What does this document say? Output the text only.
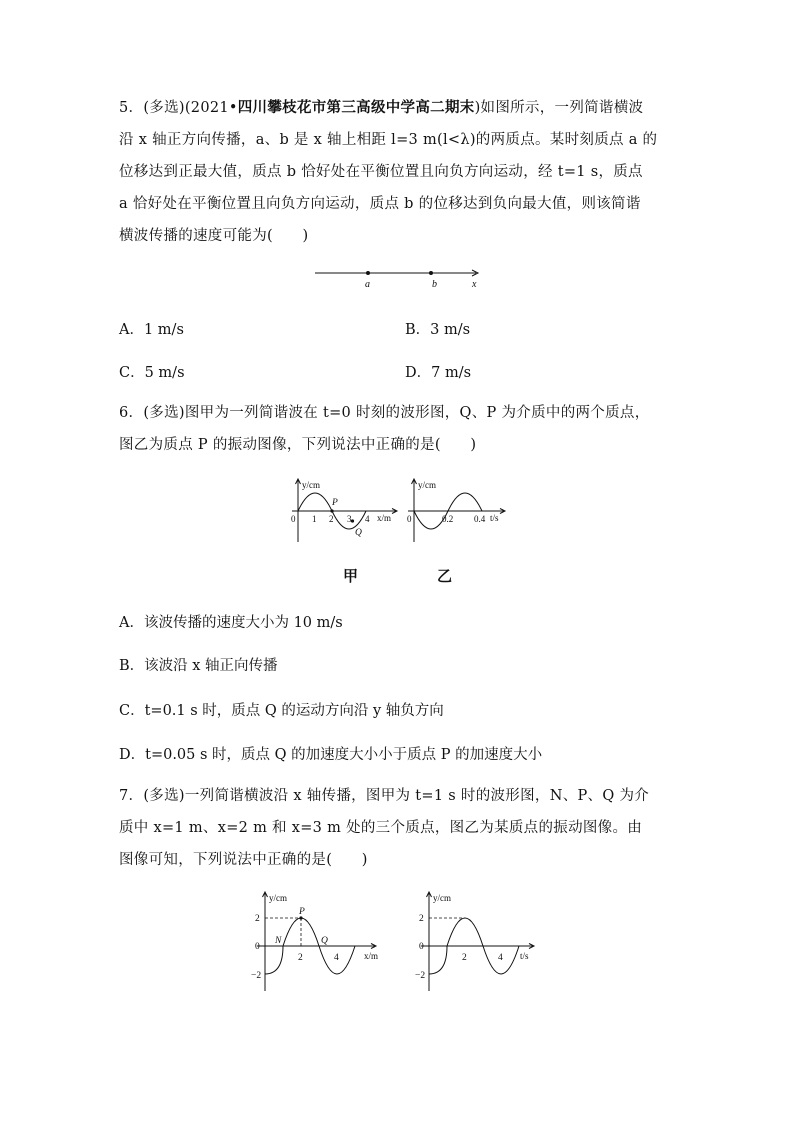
5．(多选)(2021•四川攀枝花市第三高级中学高二期末)如图所示，一列简谐横波
沿 x 轴正方向传播，a、b 是 x 轴上相距 l=3 m(l<λ)的两质点。某时刻质点 a 的
位移达到正最大值，质点 b 恰好处在平衡位置且向负方向运动，经 t=1 s，质点
a 恰好处在平衡位置且向负方向运动，质点 b 的位移达到负向最大值，则该简谐
横波传播的速度可能为(　　)
a	b	x
A．1 m/s	B．3 m/s
C．5 m/s	D．7 m/s
6．(多选)图甲为一列简谐波在 t=0 时刻的波形图，Q、P 为介质中的两个质点，
图乙为质点 P 的振动图像，下列说法中正确的是(　　)
y/cm
0 1 2 3 4 x/m
P
Q
y/cm
0	0.2 0.4 t/s
甲	乙
A．该波传播的速度大小为 10 m/s
B．该波沿 x 轴正向传播
C．t=0.1 s 时，质点 Q 的运动方向沿 y 轴负方向
D．t=0.05 s 时，质点 Q 的加速度大小小于质点 P 的加速度大小
7．(多选)一列简谐横波沿 x 轴传播，图甲为 t=1 s 时的波形图，N、P、Q 为介
质中 x=1 m、x=2 m 和 x=3 m 处的三个质点，图乙为某质点的振动图像。由
图像可知，下列说法中正确的是(　　)
y/cm
2
0
−2
2	4	x/m
N
P
Q
y/cm
2
0
−2
2	4 t/s
